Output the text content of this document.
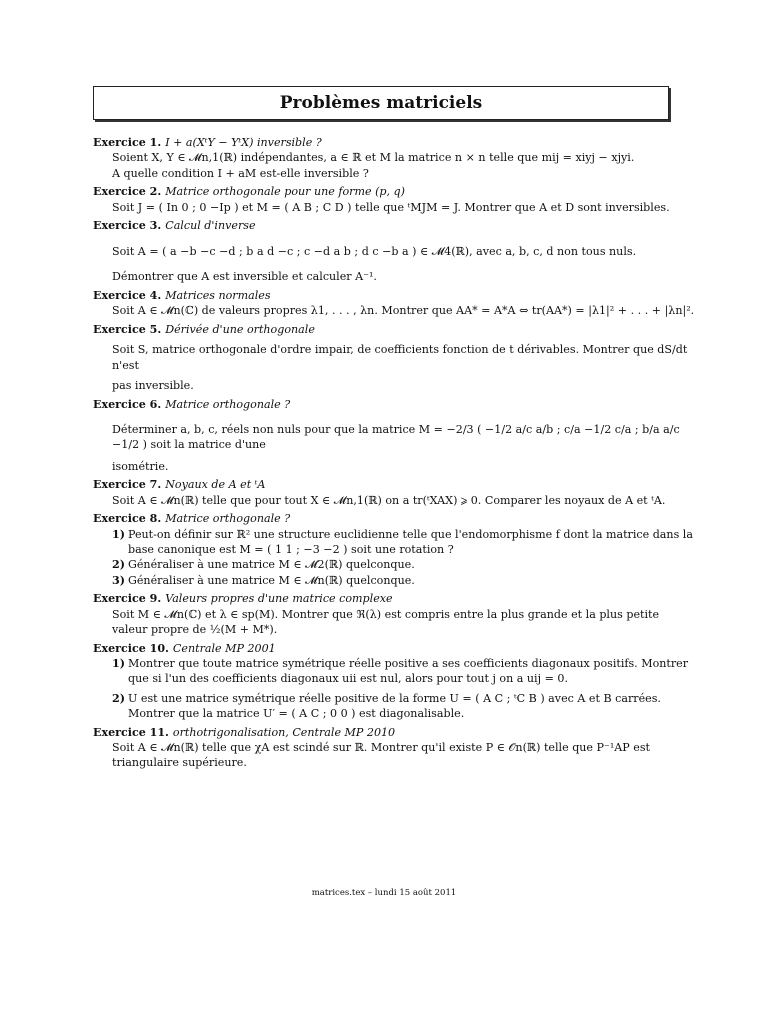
Problèmes matriciels
Exercice 1. I + a(XᵗY − YᵗX) inversible ?

Soient X, Y ∈ 𝓜n,1(ℝ) indépendantes, a ∈ ℝ et M la matrice n × n telle que mij = xiyj − xjyi.

A quelle condition I + aM est-elle inversible ?

Exercice 2. Matrice orthogonale pour une forme (p, q)

Soit J = ( In 0 ; 0 −Ip ) et M = ( A B ; C D ) telle que ᵗMJM = J. Montrer que A et D sont inversibles.

Exercice 3. Calcul d'inverse

Soit A = ( a −b −c −d ; b a d −c ; c −d a b ; d c −b a ) ∈ 𝓜4(ℝ), avec a, b, c, d non tous nuls.

Démontrer que A est inversible et calculer A⁻¹.

Exercice 4. Matrices normales

Soit A ∈ 𝓜n(ℂ) de valeurs propres λ1, . . . , λn. Montrer que AA* = A*A ⇔ tr(AA*) = |λ1|² + . . . + |λn|².

Exercice 5. Dérivée d'une orthogonale

Soit S, matrice orthogonale d'ordre impair, de coefficients fonction de t dérivables. Montrer que dS/dt n'est

pas inversible.

Exercice 6. Matrice orthogonale ?

Déterminer a, b, c, réels non nuls pour que la matrice M = −2/3 ( −1/2 a/c a/b ; c/a −1/2 c/a ; b/a a/c −1/2 ) soit la matrice d'une

isométrie.

Exercice 7. Noyaux de A et ᵗA

Soit A ∈ 𝓜n(ℝ) telle que pour tout X ∈ 𝓜n,1(ℝ) on a tr(ᵗXAX) ⩾ 0. Comparer les noyaux de A et ᵗA.

Exercice 8. Matrice orthogonale ?
1) Peut-on définir sur ℝ² une structure euclidienne telle que l'endomorphisme f dont la matrice dans la base canonique est M = ( 1 1 ; −3 −2 ) soit une rotation ?
2) Généraliser à une matrice M ∈ 𝓜2(ℝ) quelconque.
3) Généraliser à une matrice M ∈ 𝓜n(ℝ) quelconque.
Exercice 9. Valeurs propres d'une matrice complexe

Soit M ∈ 𝓜n(ℂ) et λ ∈ sp(M). Montrer que ℜ(λ) est compris entre la plus grande et la plus petite

valeur propre de ½(M + M*).

Exercice 10. Centrale MP 2001
1) Montrer que toute matrice symétrique réelle positive a ses coefficients diagonaux positifs. Montrer que si l'un des coefficients diagonaux uii est nul, alors pour tout j on a uij = 0.
2) U est une matrice symétrique réelle positive de la forme U = ( A C ; ᵗC B ) avec A et B carrées. Montrer que la matrice U′ = ( A C ; 0 0 ) est diagonalisable.
Exercice 11. orthotrigonalisation, Centrale MP 2010

Soit A ∈ 𝓜n(ℝ) telle que χA est scindé sur ℝ. Montrer qu'il existe P ∈ 𝒪n(ℝ) telle que P⁻¹AP est

triangulaire supérieure.

matrices.tex – lundi 15 août 2011
